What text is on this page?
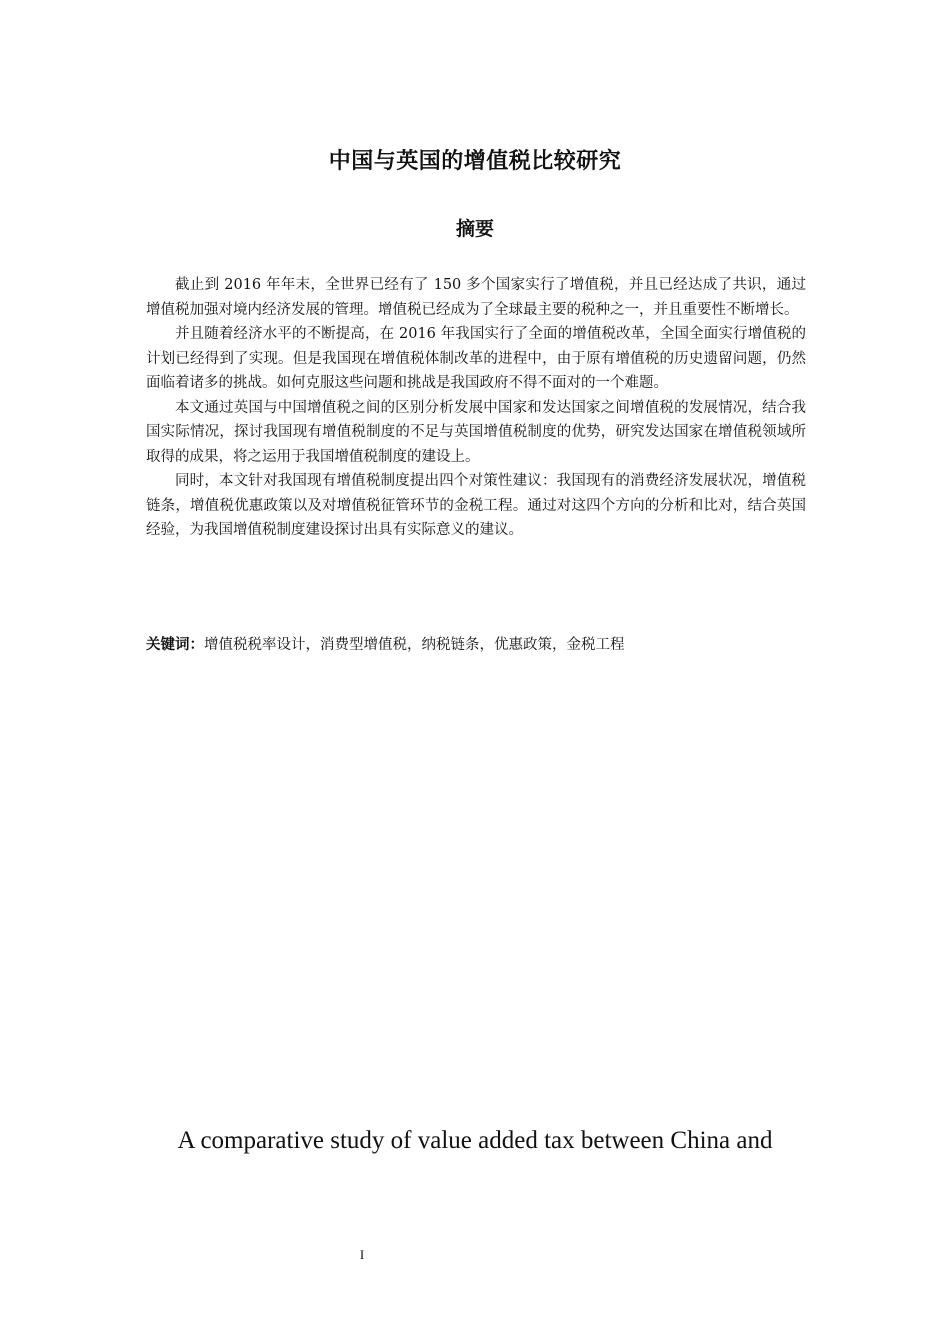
中国与英国的增值税比较研究
摘要

截止到 2016 年年末，全世界已经有了 150 多个国家实行了增值税，并且已经达成了共识，通过增值税加强对境内经济发展的管理。增值税已经成为了全球最主要的税种之一，并且重要性不断增长。

并且随着经济水平的不断提高，在 2016 年我国实行了全面的增值税改革，全国全面实行增值税的计划已经得到了实现。但是我国现在增值税体制改革的进程中，由于原有增值税的历史遗留问题，仍然面临着诸多的挑战。如何克服这些问题和挑战是我国政府不得不面对的一个难题。

本文通过英国与中国增值税之间的区别分析发展中国家和发达国家之间增值税的发展情况，结合我国实际情况，探讨我国现有增值税制度的不足与英国增值税制度的优势，研究发达国家在增值税领域所取得的成果，将之运用于我国增值税制度的建设上。

同时，本文针对我国现有增值税制度提出四个对策性建议：我国现有的消费经济发展状况，增值税链条，增值税优惠政策以及对增值税征管环节的金税工程。通过对这四个方向的分析和比对，结合英国经验，为我国增值税制度建设探讨出具有实际意义的建议。

关键词：增值税税率设计，消费型增值税，纳税链条，优惠政策，金税工程
A comparative study of value added tax between China and
I
